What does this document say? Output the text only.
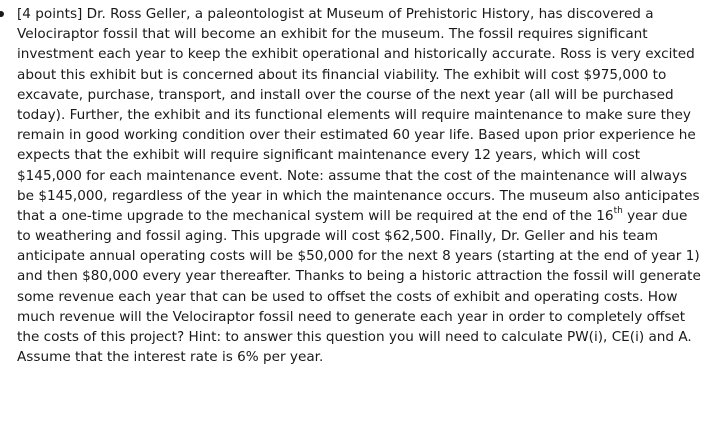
[4 points] Dr. Ross Geller, a paleontologist at Museum of Prehistoric History, has discovered a
Velociraptor fossil that will become an exhibit for the museum. The fossil requires significant
investment each year to keep the exhibit operational and historically accurate. Ross is very excited
about this exhibit but is concerned about its financial viability. The exhibit will cost $975,000 to
excavate, purchase, transport, and install over the course of the next year (all will be purchased
today). Further, the exhibit and its functional elements will require maintenance to make sure they
remain in good working condition over their estimated 60 year life. Based upon prior experience he
expects that the exhibit will require significant maintenance every 12 years, which will cost
$145,000 for each maintenance event. Note: assume that the cost of the maintenance will always
be $145,000, regardless of the year in which the maintenance occurs. The museum also anticipates
that a one-time upgrade to the mechanical system will be required at the end of the 16th year due
to weathering and fossil aging. This upgrade will cost $62,500. Finally, Dr. Geller and his team
anticipate annual operating costs will be $50,000 for the next 8 years (starting at the end of year 1)
and then $80,000 every year thereafter. Thanks to being a historic attraction the fossil will generate
some revenue each year that can be used to offset the costs of exhibit and operating costs. How
much revenue will the Velociraptor fossil need to generate each year in order to completely offset
the costs of this project? Hint: to answer this question you will need to calculate PW(i), CE(i) and A.
Assume that the interest rate is 6% per year.
